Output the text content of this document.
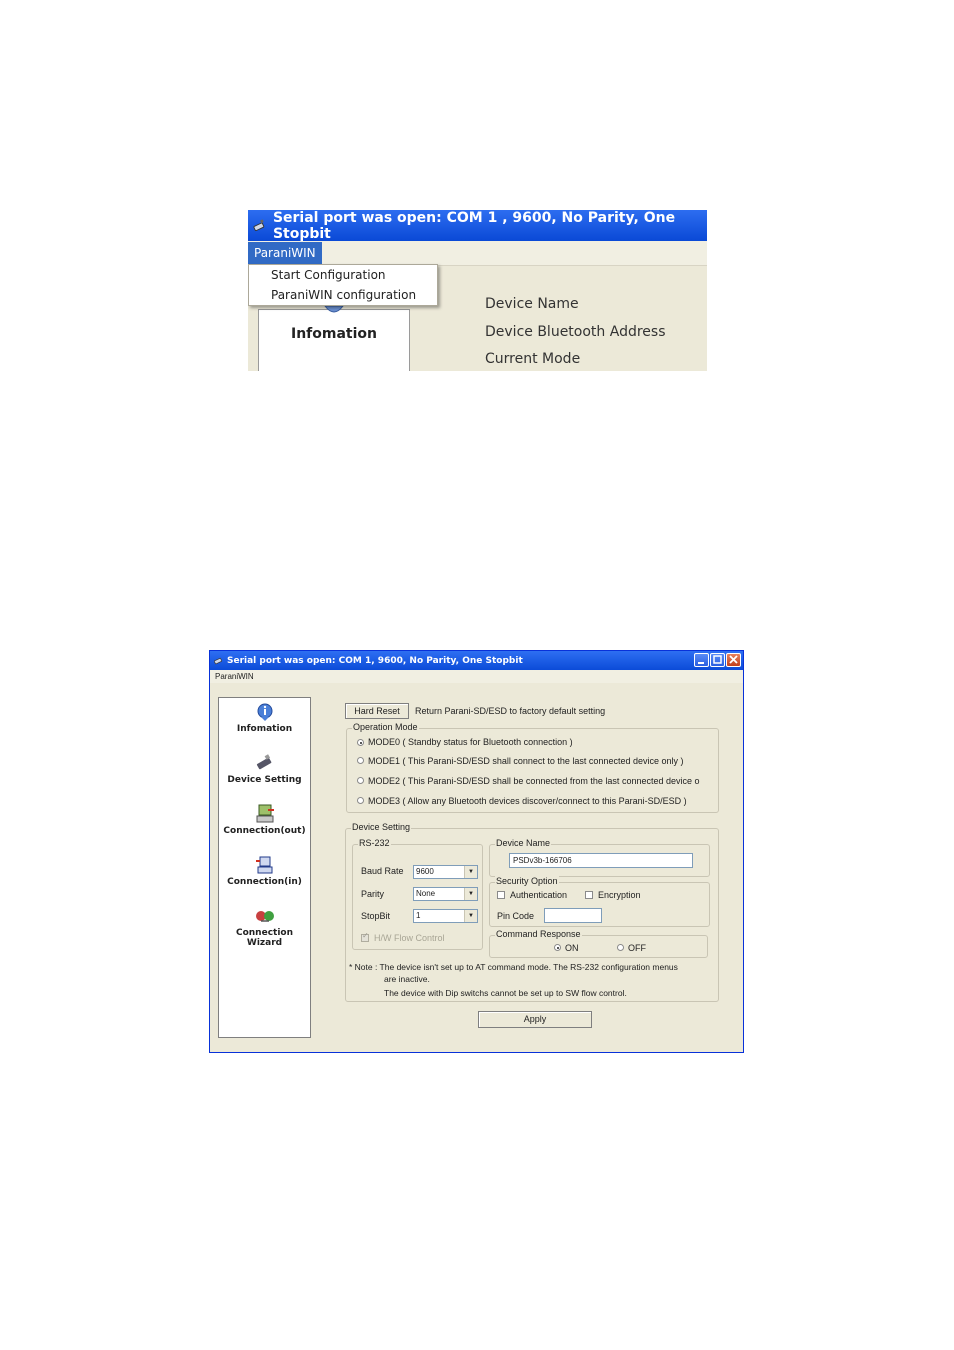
Serial port was open: COM 1 , 9600, No Parity, One Stopbit
ParaniWIN
Start Configuration
ParaniWIN configuration
Infomation
Device Name
Device Bluetooth Address
Current Mode
Serial port was open: COM 1, 9600, No Parity, One Stopbit
ParaniWIN
Infomation
Device Setting
Connection(out)
Connection(in)
Connection Wizard
Hard Reset	Return Parani-SD/ESD to factory default setting
Operation Mode
MODE0 ( Standby status for Bluetooth connection )
MODE1 ( This Parani-SD/ESD shall connect to the last connected device only )
MODE2 ( This Parani-SD/ESD shall be connected from the last connected device o
MODE3 ( Allow any Bluetooth devices discover/connect to this Parani-SD/ESD )
Device Setting
RS-232
Baud Rate	9600	▼
Parity	None	▼
StopBit	1	▼
✓
H/W Flow Control
Device Name
PSDv3b-166706
Security Option
Authentication	Encryption
Pin Code
Command Response
ON	OFF
* Note : The device isn't set up to AT command mode. The RS-232 configuration menus
are inactive.
The device with Dip switchs cannot be set up to SW flow control.
Apply
